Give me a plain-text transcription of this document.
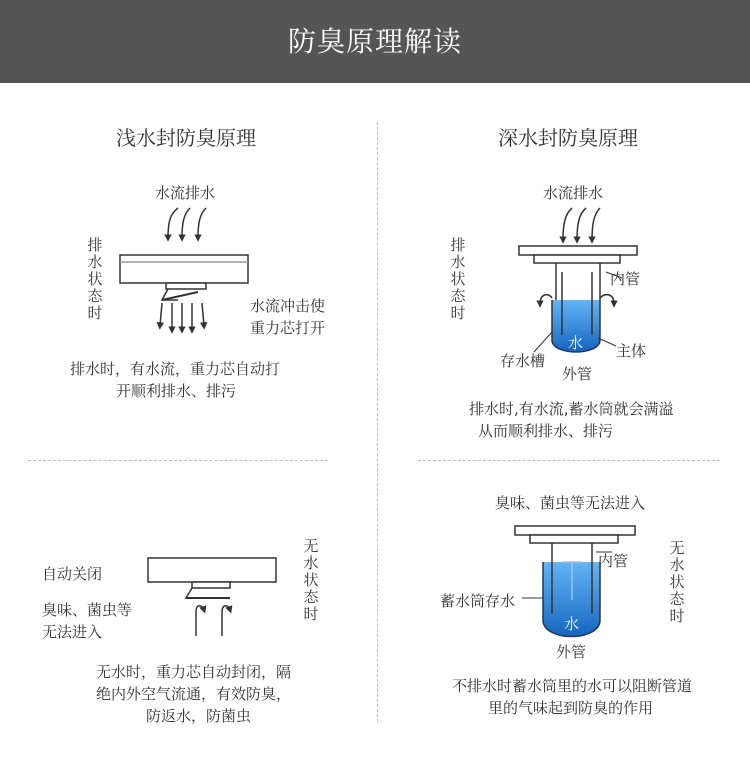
防臭原理解读
浅水封防臭原理	深水封防臭原理
水流排水
排水状态时	水流冲击使
重力芯打开
排水时，有水流，重力芯自动打
开顺利排水、排污
无水状态时
自动关闭
臭味、菌虫等
无法进入
无水时，重力芯自动封闭，隔
绝内外空气流通，有效防臭，
防返水，防菌虫
水流排水
排水状态时
内管
水 主体
存水槽
外管
排水时,有水流,蓄水筒就会满溢
从而顺利排水、排污
臭味、菌虫等无法进入
无水状态时
内管
蓄水筒存水
水
外管
不排水时蓄水筒里的水可以阻断管道
里的气味起到防臭的作用
